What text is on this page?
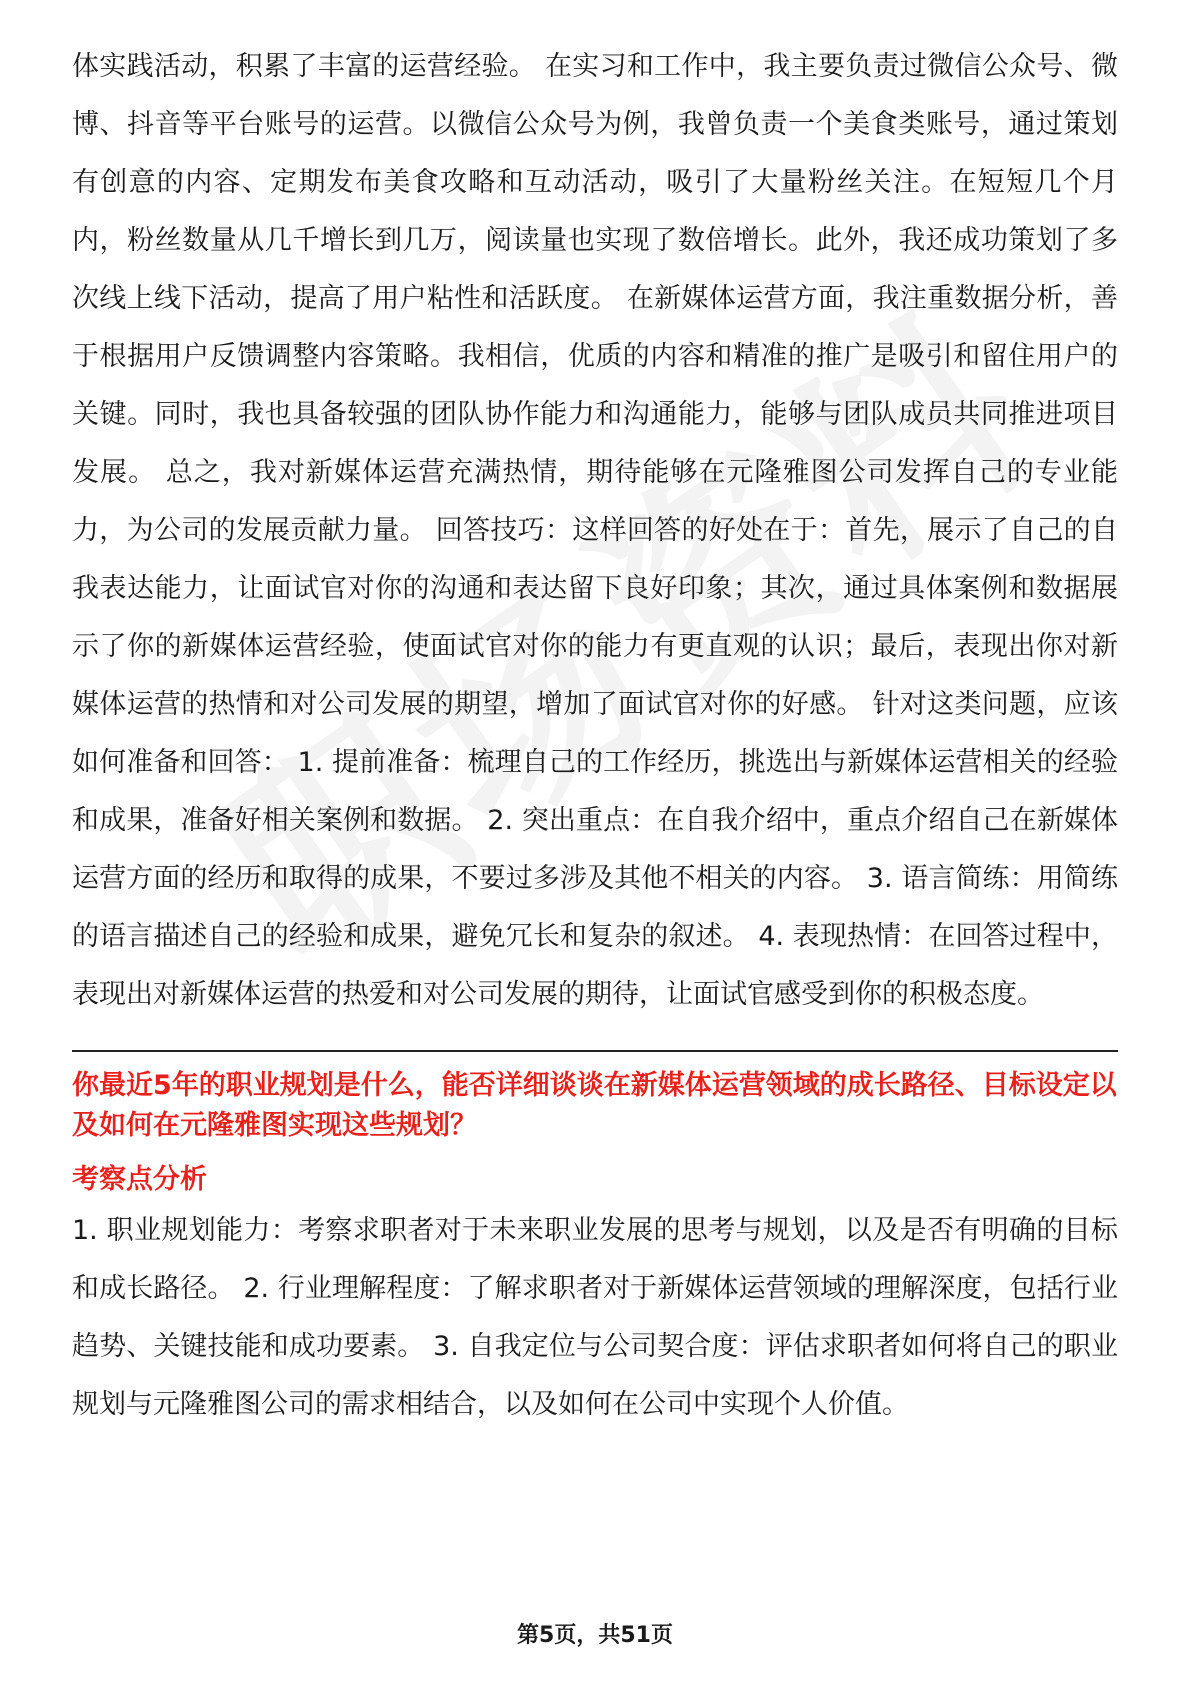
体实践活动，积累了丰富的运营经验。 在实习和工作中，我主要负责过微信公众号、微博、抖音等平台账号的运营。以微信公众号为例，我曾负责一个美食类账号，通过策划有创意的内容、定期发布美食攻略和互动活动，吸引了大量粉丝关注。在短短几个月内，粉丝数量从几千增长到几万，阅读量也实现了数倍增长。此外，我还成功策划了多次线上线下活动，提高了用户粘性和活跃度。 在新媒体运营方面，我注重数据分析，善于根据用户反馈调整内容策略。我相信，优质的内容和精准的推广是吸引和留住用户的关键。同时，我也具备较强的团队协作能力和沟通能力，能够与团队成员共同推进项目发展。 总之，我对新媒体运营充满热情，期待能够在元隆雅图公司发挥自己的专业能力，为公司的发展贡献力量。 回答技巧：这样回答的好处在于：首先，展示了自己的自我表达能力，让面试官对你的沟通和表达留下良好印象；其次，通过具体案例和数据展示了你的新媒体运营经验，使面试官对你的能力有更直观的认识；最后，表现出你对新媒体运营的热情和对公司发展的期望，增加了面试官对你的好感。 针对这类问题，应该如何准备和回答： 1. 提前准备：梳理自己的工作经历，挑选出与新媒体运营相关的经验和成果，准备好相关案例和数据。 2. 突出重点：在自我介绍中，重点介绍自己在新媒体运营方面的经历和取得的成果，不要过多涉及其他不相关的内容。 3. 语言简练：用简练的语言描述自己的经验和成果，避免冗长和复杂的叙述。 4. 表现热情：在回答过程中，表现出对新媒体运营的热爱和对公司发展的期待，让面试官感受到你的积极态度。

你最近5年的职业规划是什么，能否详细谈谈在新媒体运营领域的成长路径、目标设定以及如何在元隆雅图实现这些规划？

考察点分析

1. 职业规划能力：考察求职者对于未来职业发展的思考与规划，以及是否有明确的目标和成长路径。 2. 行业理解程度：了解求职者对于新媒体运营领域的理解深度，包括行业趋势、关键技能和成功要素。 3. 自我定位与公司契合度：评估求职者如何将自己的职业规划与元隆雅图公司的需求相结合，以及如何在公司中实现个人价值。

第5页，共51页
